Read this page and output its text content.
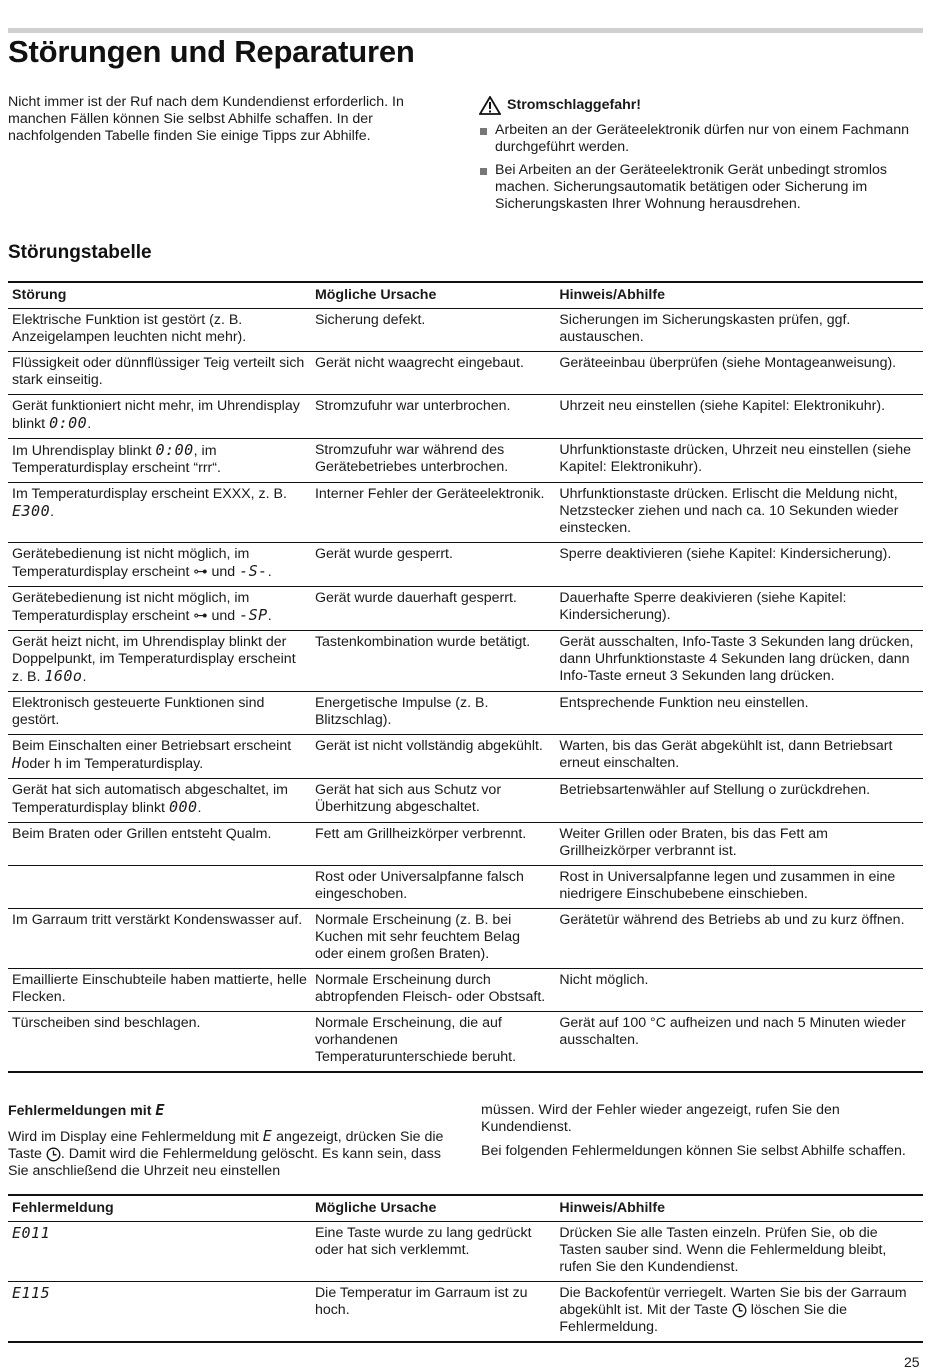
Störungen und Reparaturen

Nicht immer ist der Ruf nach dem Kundendienst erforderlich. In manchen Fällen können Sie selbst Abhilfe schaffen. In der nachfolgenden Tabelle finden Sie einige Tipps zur Abhilfe.

Stromschlaggefahr!
Arbeiten an der Geräteelektronik dürfen nur von einem Fachmann durchgeführt werden.
Bei Arbeiten an der Geräteelektronik Gerät unbedingt stromlos machen. Sicherungsautomatik betätigen oder Sicherung im Sicherungskasten Ihrer Wohnung herausdrehen.
Störungstabelle
Störung	Mögliche Ursache	Hinweis/Abhilfe
Elektrische Funktion ist gestört (z. B. Anzeigelampen leuchten nicht mehr).	Sicherung defekt.	Sicherungen im Sicherungskasten prüfen, ggf. austauschen.
Flüssigkeit oder dünnflüssiger Teig verteilt sich stark einseitig.	Gerät nicht waagrecht eingebaut.	Geräteeinbau überprüfen (siehe Montageanweisung).
Gerät funktioniert nicht mehr, im Uhrendisplay blinkt 0:00.	Stromzufuhr war unterbrochen.	Uhrzeit neu einstellen (siehe Kapitel: Elektronikuhr).
Im Uhrendisplay blinkt 0:00, im Temperaturdisplay erscheint “rrr“.	Stromzufuhr war während des Gerätebetriebes unterbrochen.	Uhrfunktionstaste drücken, Uhrzeit neu einstellen (siehe Kapitel: Elektronikuhr).
Im Temperaturdisplay erscheint EXXX, z. B. E300.	Interner Fehler der Geräteelektronik.	Uhrfunktionstaste drücken. Erlischt die Meldung nicht, Netzstecker ziehen und nach ca. 10 Sekunden wieder einstecken.
Gerätebedienung ist nicht möglich, im Temperaturdisplay erscheint ⊶ und -S-.	Gerät wurde gesperrt.	Sperre deaktivieren (siehe Kapitel: Kindersicherung).
Gerätebedienung ist nicht möglich, im Temperaturdisplay erscheint ⊶ und -SP.	Gerät wurde dauerhaft gesperrt.	Dauerhafte Sperre deakivieren (siehe Kapitel: Kindersicherung).
Gerät heizt nicht, im Uhrendisplay blinkt der Doppelpunkt, im Temperaturdisplay erscheint z. B. 160o.	Tastenkombination wurde betätigt.	Gerät ausschalten, Info-Taste 3 Sekunden lang drücken, dann Uhrfunktionstaste 4 Sekunden lang drücken, dann Info-Taste erneut 3 Sekunden lang drücken.
Elektronisch gesteuerte Funktionen sind gestört.	Energetische Impulse (z. B. Blitzschlag).	Entsprechende Funktion neu einstellen.
Beim Einschalten einer Betriebsart erscheint Hoder h im Temperaturdisplay.	Gerät ist nicht vollständig abgekühlt.	Warten, bis das Gerät abgekühlt ist, dann Betriebsart erneut einschalten.
Gerät hat sich automatisch abgeschaltet, im Temperaturdisplay blinkt 000.	Gerät hat sich aus Schutz vor Überhitzung abgeschaltet.	Betriebsartenwähler auf Stellung o zurückdrehen.
Beim Braten oder Grillen entsteht Qualm.	Fett am Grillheizkörper verbrennt.	Weiter Grillen oder Braten, bis das Fett am Grillheizkörper verbrannt ist.
	Rost oder Universalpfanne falsch eingeschoben.	Rost in Universalpfanne legen und zusammen in eine niedrigere Einschubebene einschieben.
Im Garraum tritt verstärkt Kondenswasser auf.	Normale Erscheinung (z. B. bei Kuchen mit sehr feuchtem Belag oder einem großen Braten).	Gerätetür während des Betriebs ab und zu kurz öffnen.
Emaillierte Einschubteile haben mattierte, helle Flecken.	Normale Erscheinung durch abtropfenden Fleisch- oder Obstsaft.	Nicht möglich.
Türscheiben sind beschlagen.	Normale Erscheinung, die auf vorhandenen Temperaturunterschiede beruht.	Gerät auf 100 °C aufheizen und nach 5 Minuten wieder ausschalten.
Fehlermeldungen mit E

Wird im Display eine Fehlermeldung mit E angezeigt, drücken Sie die Taste . Damit wird die Fehlermeldung gelöscht. Es kann sein, dass Sie anschließend die Uhrzeit neu einstellen

müssen. Wird der Fehler wieder angezeigt, rufen Sie den Kundendienst.

Bei folgenden Fehlermeldungen können Sie selbst Abhilfe schaffen.

Fehlermeldung	Mögliche Ursache	Hinweis/Abhilfe
E011	Eine Taste wurde zu lang gedrückt oder hat sich verklemmt.	Drücken Sie alle Tasten einzeln. Prüfen Sie, ob die Tasten sauber sind. Wenn die Fehlermeldung bleibt, rufen Sie den Kundendienst.
E115	Die Temperatur im Garraum ist zu hoch.	Die Backofentür verriegelt. Warten Sie bis der Garraum abgekühlt ist. Mit der Taste löschen Sie die Fehlermeldung.
25
